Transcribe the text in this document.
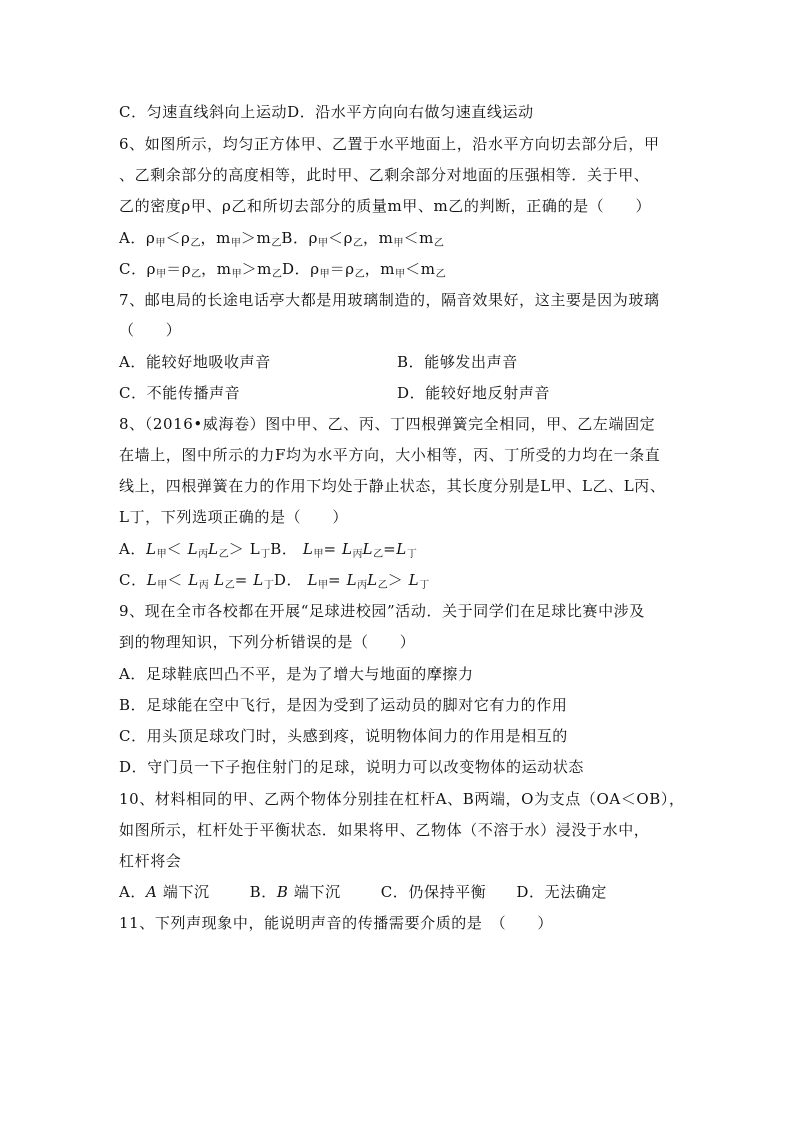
C．匀速直线斜向上运动D．沿水平方向向右做匀速直线运动
6、如图所示，均匀正方体甲、乙置于水平地面上，沿水平方向切去部分后，甲
、乙剩余部分的高度相等，此时甲、乙剩余部分对地面的压强相等．关于甲、
乙的密度ρ甲、ρ乙和所切去部分的质量m甲、m乙的判断，正确的是（　　）
A．$\rho_甲<\rho_乙$，$m_甲>m_乙B$．$\rho_甲<\rho_乙$，$m_甲<m_乙$
C．$\rho_甲=\rho_乙$，$m_甲>m_乙D$．$\rho_甲=\rho_乙$，$m_甲<m_乙$
7、邮电局的长途电话亭大都是用玻璃制造的，隔音效果好，这主要是因为玻璃
（　　）
A．能较好地吸收声音	B．能够发出声音
C．不能传播声音	D．能较好地反射声音
8、（2016•威海卷）图中甲、乙、丙、丁四根弹簧完全相同，甲、乙左端固定
在墙上，图中所示的力F均为水平方向，大小相等，丙、丁所受的力均在一条直
线上，四根弹簧在力的作用下均处于静止状态，其长度分别是L甲、L乙、L丙、
L丁，下列选项正确的是（　　）
A．$L_甲< L_丙L_乙> L_丁B$． $L_甲= L_丙L_乙=L_丁$
C．$L_甲< L_丙$ $L_乙= L_丁D$． $L_甲= L_丙L_乙> L_丁$
9、现在全市各校都在开展“足球进校园”活动．关于同学们在足球比赛中涉及
到的物理知识，下列分析错误的是（　　）
A．足球鞋底凹凸不平，是为了增大与地面的摩擦力
B．足球能在空中飞行，是因为受到了运动员的脚对它有力的作用
C．用头顶足球攻门时，头感到疼，说明物体间力的作用是相互的
D．守门员一下子抱住射门的足球，说明力可以改变物体的运动状态
10、材料相同的甲、乙两个物体分别挂在杠杆A、B两端，O为支点（OA＜OB），
如图所示，杠杆处于平衡状态．如果将甲、乙物体（不溶于水）浸没于水中，
杠杆将会
A．A 端下沉	B．B 端下沉	C．仍保持平衡 D．无法确定
11、下列声现象中，能说明声音的传播需要介质的是　（　　）
